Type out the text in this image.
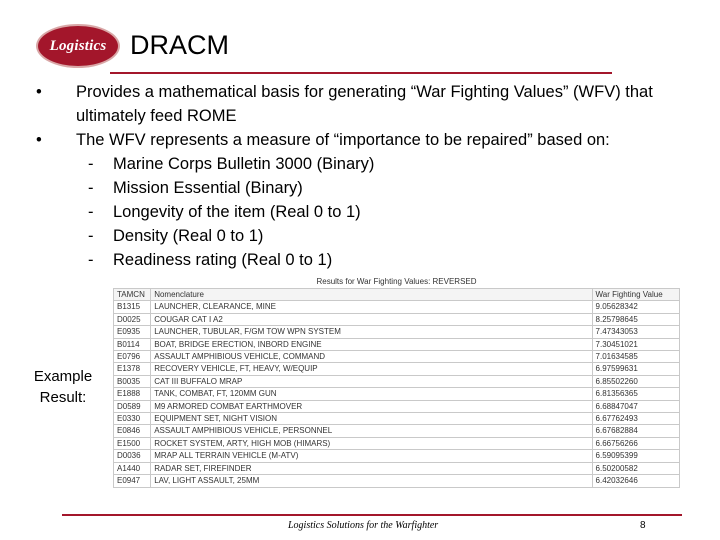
Logistics DRACM
• Provides a mathematical basis for generating “War Fighting Values” (WFV) that ultimately feed ROME
• The WFV represents a measure of “importance to be repaired” based on:
- Marine Corps Bulletin 3000 (Binary)
- Mission Essential (Binary)
- Longevity of the item (Real 0 to 1)
- Density (Real 0 to 1)
- Readiness rating (Real 0 to 1)
Example Result:
Results for War Fighting Values: REVERSED
TAMCN	Nomenclature	War Fighting Value
B1315	LAUNCHER, CLEARANCE, MINE	9.05628342
D0025	COUGAR CAT I A2	8.25798645
E0935	LAUNCHER, TUBULAR, F/GM TOW WPN SYSTEM	7.47343053
B0114	BOAT, BRIDGE ERECTION, INBORD ENGINE	7.30451021
E0796	ASSAULT AMPHIBIOUS VEHICLE, COMMAND	7.01634585
E1378	RECOVERY VEHICLE, FT, HEAVY, W/EQUIP	6.97599631
B0035	CAT III BUFFALO MRAP	6.85502260
E1888	TANK, COMBAT, FT, 120MM GUN	6.81356365
D0589	M9 ARMORED COMBAT EARTHMOVER	6.68847047
E0330	EQUIPMENT SET, NIGHT VISION	6.67762493
E0846	ASSAULT AMPHIBIOUS VEHICLE, PERSONNEL	6.67682884
E1500	ROCKET SYSTEM, ARTY, HIGH MOB (HIMARS)	6.66756266
D0036	MRAP ALL TERRAIN VEHICLE (M-ATV)	6.59095399
A1440	RADAR SET, FIREFINDER	6.50200582
E0947	LAV, LIGHT ASSAULT, 25MM	6.42032646
Logistics Solutions for the Warfighter	8
